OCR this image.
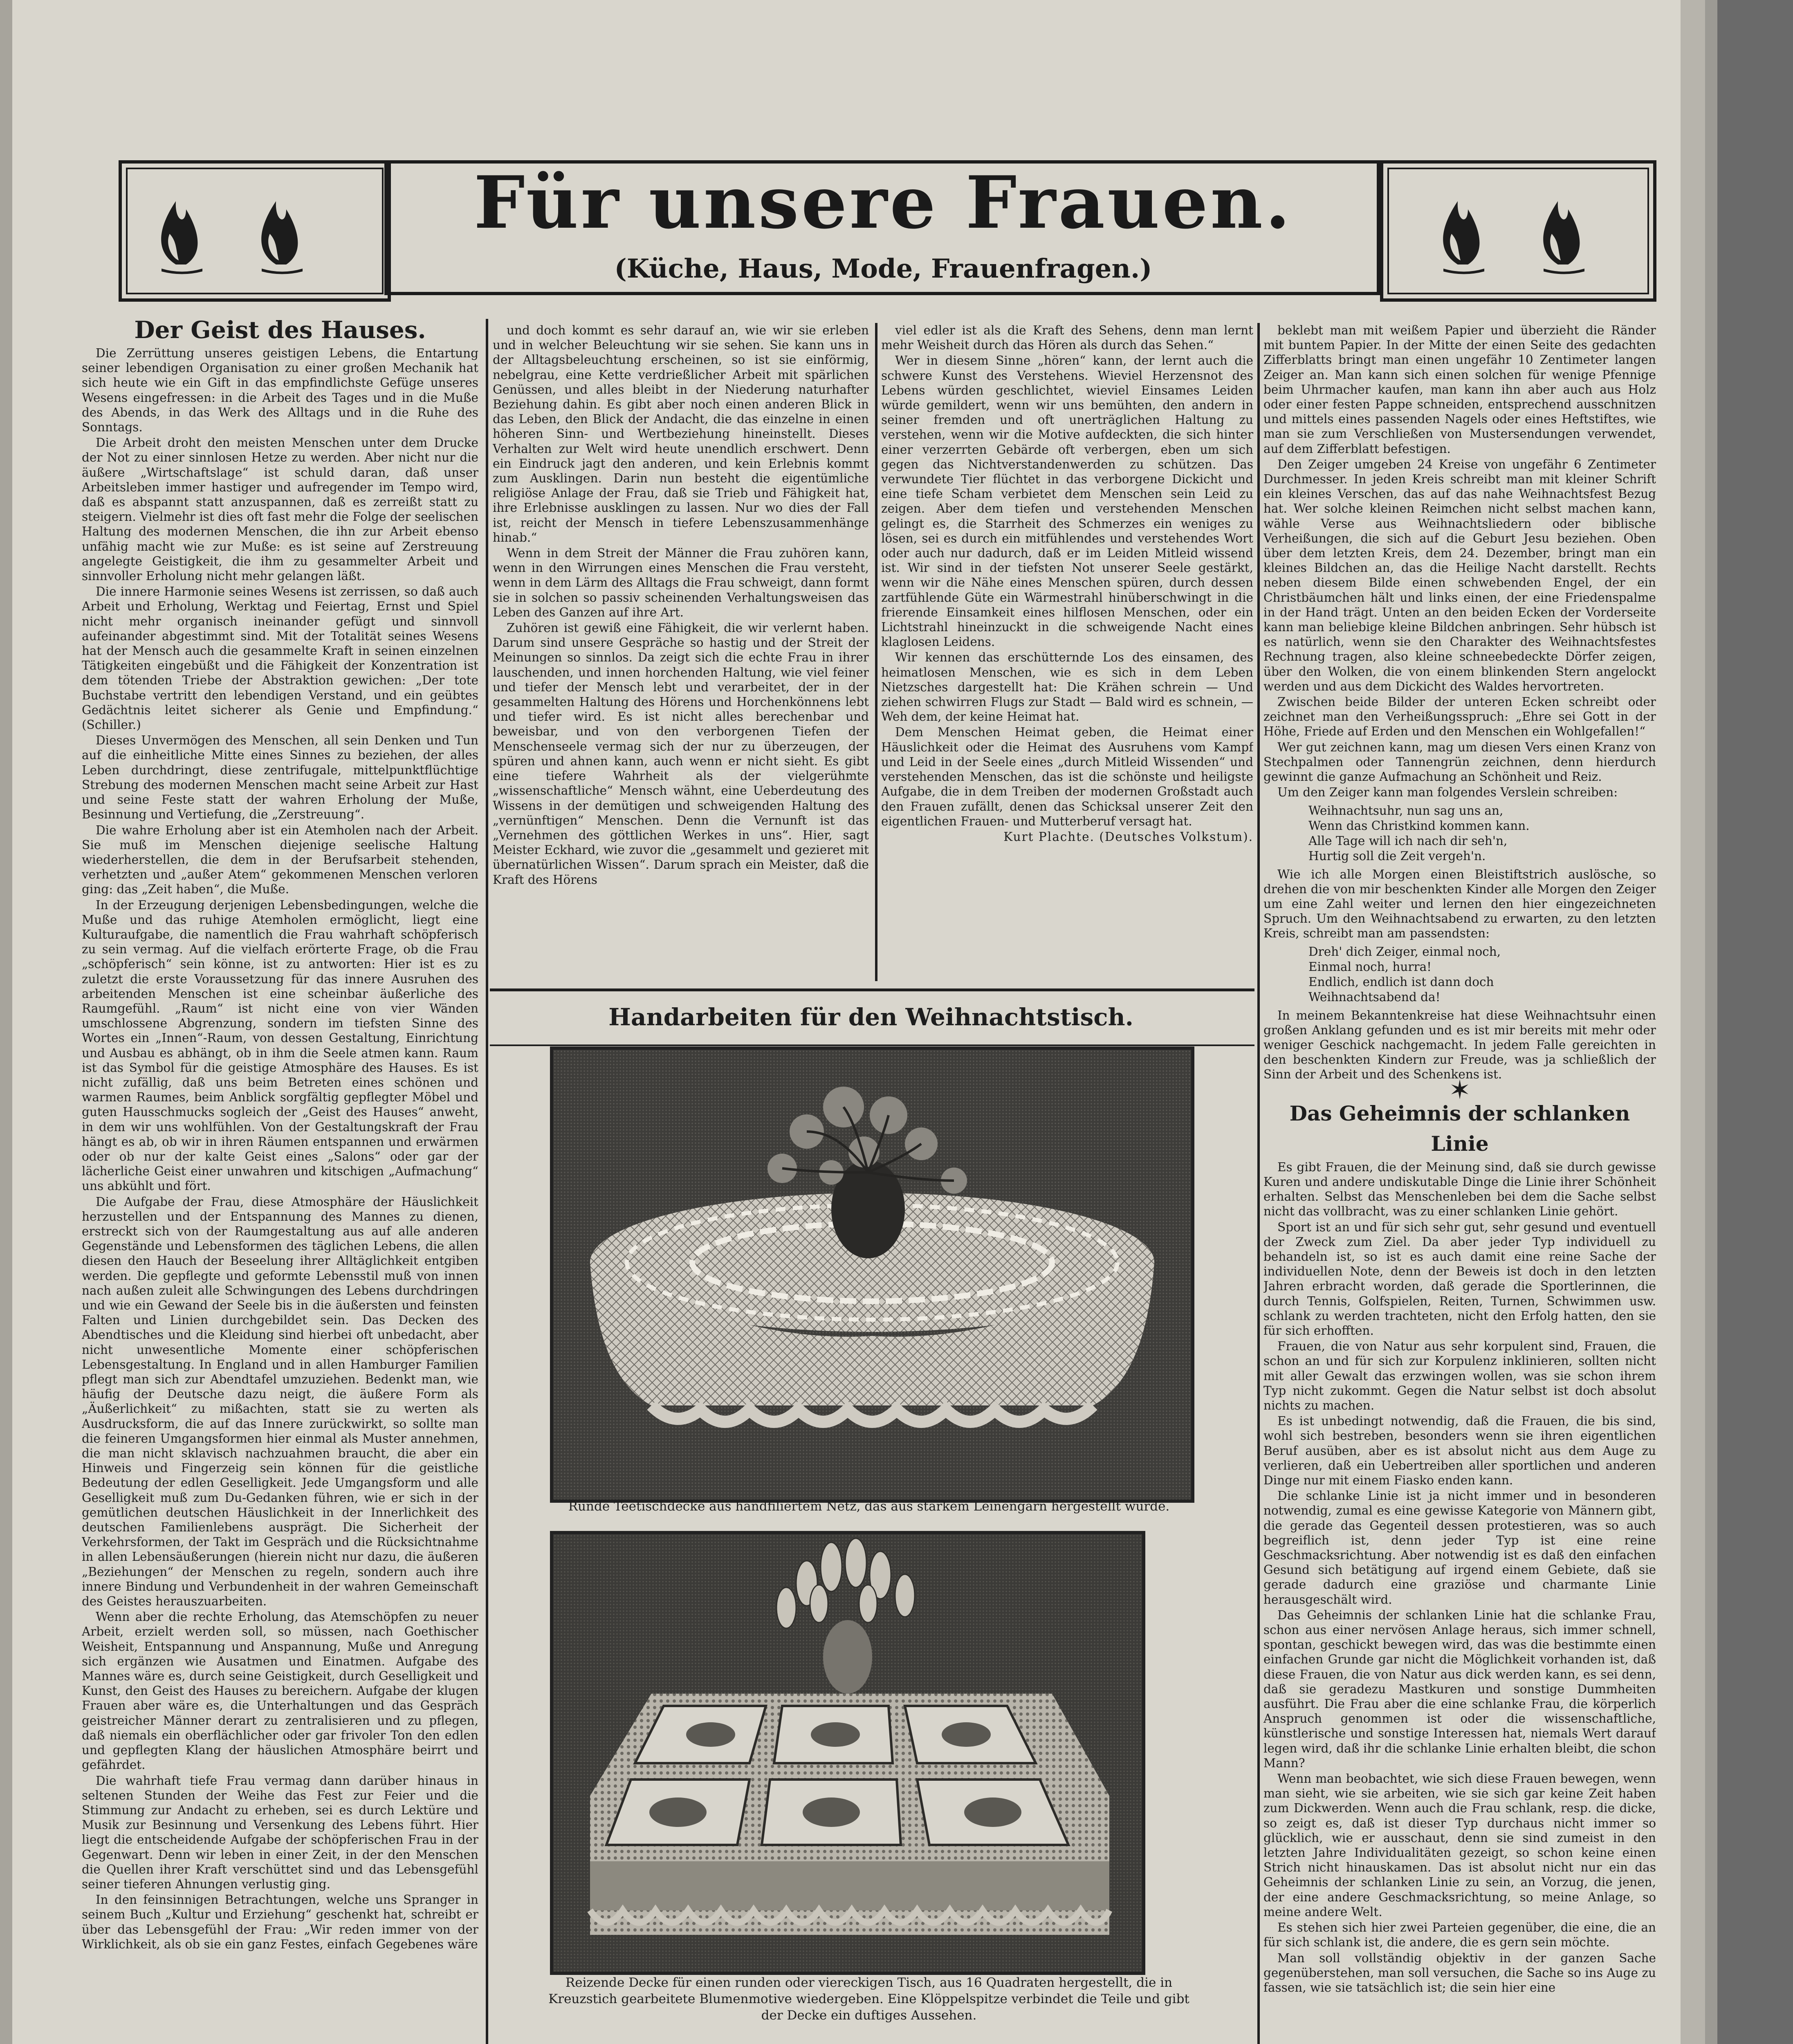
Für unsere Frauen.
(Küche, Haus, Mode, Frauenfragen.)

Der Geist des Hauses.

Die Zerrüttung unseres geistigen Lebens, die Entartung seiner lebendigen Organisation zu einer großen Mechanik hat sich heute wie ein Gift in das empfindlichste Gefüge unseres Wesens eingefressen: in die Arbeit des Tages und in die Muße des Abends, in das Werk des Alltags und in die Ruhe des Sonntags.

Die Arbeit droht den meisten Menschen unter dem Drucke der Not zu einer sinnlosen Hetze zu werden. Aber nicht nur die äußere „Wirtschaftslage“ ist schuld daran, daß unser Arbeitsleben immer hastiger und aufregender im Tempo wird, daß es abspannt statt anzuspannen, daß es zerreißt statt zu steigern. Vielmehr ist dies oft fast mehr die Folge der seelischen Haltung des modernen Menschen, die ihn zur Arbeit ebenso unfähig macht wie zur Muße: es ist seine auf Zerstreuung angelegte Geistigkeit, die ihm zu gesammelter Arbeit und sinnvoller Erholung nicht mehr gelangen läßt.

Die innere Harmonie seines Wesens ist zerrissen, so daß auch Arbeit und Erholung, Werktag und Feiertag, Ernst und Spiel nicht mehr organisch ineinander gefügt und sinnvoll aufeinander abgestimmt sind. Mit der Totalität seines Wesens hat der Mensch auch die gesammelte Kraft in seinen einzelnen Tätigkeiten eingebüßt und die Fähigkeit der Konzentration ist dem tötenden Triebe der Abstraktion gewichen: „Der tote Buchstabe vertritt den lebendigen Verstand, und ein geübtes Gedächtnis leitet sicherer als Genie und Empfindung.“ (Schiller.)

Dieses Unvermögen des Menschen, all sein Denken und Tun auf die einheitliche Mitte eines Sinnes zu beziehen, der alles Leben durchdringt, diese zentrifugale, mittelpunktflüchtige Strebung des modernen Menschen macht seine Arbeit zur Hast und seine Feste statt der wahren Erholung der Muße, Besinnung und Vertiefung, die „Zerstreuung“.

Die wahre Erholung aber ist ein Atemholen nach der Arbeit. Sie muß im Menschen diejenige seelische Haltung wiederherstellen, die dem in der Berufsarbeit stehenden, verhetzten und „außer Atem“ gekommenen Menschen verloren ging: das „Zeit haben“, die Muße.

In der Erzeugung derjenigen Lebensbedingungen, welche die Muße und das ruhige Atemholen ermöglicht, liegt eine Kulturaufgabe, die namentlich die Frau wahrhaft schöpferisch zu sein vermag. Auf die vielfach erörterte Frage, ob die Frau „schöpferisch“ sein könne, ist zu antworten: Hier ist es zu zuletzt die erste Voraussetzung für das innere Ausruhen des arbeitenden Menschen ist eine scheinbar äußerliche des Raumgefühl. „Raum“ ist nicht eine von vier Wänden umschlossene Abgrenzung, sondern im tiefsten Sinne des Wortes ein „Innen“-Raum, von dessen Gestaltung, Einrichtung und Ausbau es abhängt, ob in ihm die Seele atmen kann. Raum ist das Symbol für die geistige Atmosphäre des Hauses. Es ist nicht zufällig, daß uns beim Betreten eines schönen und warmen Raumes, beim Anblick sorgfältig gepflegter Möbel und guten Hausschmucks sogleich der „Geist des Hauses“ anweht, in dem wir uns wohlfühlen. Von der Gestaltungskraft der Frau hängt es ab, ob wir in ihren Räumen entspannen und erwärmen oder ob nur der kalte Geist eines „Salons“ oder gar der lächerliche Geist einer unwahren und kitschigen „Aufmachung“ uns abkühlt und fört.

Die Aufgabe der Frau, diese Atmosphäre der Häuslichkeit herzustellen und der Entspannung des Mannes zu dienen, erstreckt sich von der Raumgestaltung aus auf alle anderen Gegenstände und Lebensformen des täglichen Lebens, die allen diesen den Hauch der Beseelung ihrer Alltäglichkeit entgiben werden. Die gepflegte und geformte Lebensstil muß von innen nach außen zuleit alle Schwingungen des Lebens durchdringen und wie ein Gewand der Seele bis in die äußersten und feinsten Falten und Linien durchgebildet sein. Das Decken des Abendtisches und die Kleidung sind hierbei oft unbedacht, aber nicht unwesentliche Momente einer schöpferischen Lebensgestaltung. In England und in allen Hamburger Familien pflegt man sich zur Abendtafel umzuziehen. Bedenkt man, wie häufig der Deutsche dazu neigt, die äußere Form als „Äußerlichkeit“ zu mißachten, statt sie zu werten als Ausdrucksform, die auf das Innere zurückwirkt, so sollte man die feineren Umgangsformen hier einmal als Muster annehmen, die man nicht sklavisch nachzuahmen braucht, die aber ein Hinweis und Fingerzeig sein können für die geistliche Bedeutung der edlen Geselligkeit. Jede Umgangsform und alle Geselligkeit muß zum Du-Gedanken führen, wie er sich in der gemütlichen deutschen Häuslichkeit in der Innerlichkeit des deutschen Familienlebens ausprägt. Die Sicherheit der Verkehrsformen, der Takt im Gespräch und die Rücksichtnahme in allen Lebensäußerungen (hierein nicht nur dazu, die äußeren „Beziehungen“ der Menschen zu regeln, sondern auch ihre innere Bindung und Verbundenheit in der wahren Gemeinschaft des Geistes herauszuarbeiten.

Wenn aber die rechte Erholung, das Atemschöpfen zu neuer Arbeit, erzielt werden soll, so müssen, nach Goethischer Weisheit, Entspannung und Anspannung, Muße und Anregung sich ergänzen wie Ausatmen und Einatmen. Aufgabe des Mannes wäre es, durch seine Geistigkeit, durch Geselligkeit und Kunst, den Geist des Hauses zu bereichern. Aufgabe der klugen Frauen aber wäre es, die Unterhaltungen und das Gespräch geistreicher Männer derart zu zentralisieren und zu pflegen, daß niemals ein oberflächlicher oder gar frivoler Ton den edlen und gepflegten Klang der häuslichen Atmosphäre beirrt und gefährdet.

Die wahrhaft tiefe Frau vermag dann darüber hinaus in seltenen Stunden der Weihe das Fest zur Feier und die Stimmung zur Andacht zu erheben, sei es durch Lektüre und Musik zur Besinnung und Versenkung des Lebens führt. Hier liegt die entscheidende Aufgabe der schöpferischen Frau in der Gegenwart. Denn wir leben in einer Zeit, in der den Menschen die Quellen ihrer Kraft verschüttet sind und das Lebensgefühl seiner tieferen Ahnungen verlustig ging.

In den feinsinnigen Betrachtungen, welche uns Spranger in seinem Buch „Kultur und Erziehung“ geschenkt hat, schreibt er über das Lebensgefühl der Frau: „Wir reden immer von der Wirklichkeit, als ob sie ein ganz Festes, einfach Gegebenes wäre

und doch kommt es sehr darauf an, wie wir sie erleben und in welcher Beleuchtung wir sie sehen. Sie kann uns in der Alltagsbeleuchtung erscheinen, so ist sie einförmig, nebelgrau, eine Kette verdrießlicher Arbeit mit spärlichen Genüssen, und alles bleibt in der Niederung naturhafter Beziehung dahin. Es gibt aber noch einen anderen Blick in das Leben, den Blick der Andacht, die das einzelne in einen höheren Sinn- und Wertbeziehung hineinstellt. Dieses Verhalten zur Welt wird heute unendlich erschwert. Denn ein Eindruck jagt den anderen, und kein Erlebnis kommt zum Ausklingen. Darin nun besteht die eigentümliche religiöse Anlage der Frau, daß sie Trieb und Fähigkeit hat, ihre Erlebnisse ausklingen zu lassen. Nur wo dies der Fall ist, reicht der Mensch in tiefere Lebenszusammenhänge hinab.“

Wenn in dem Streit der Männer die Frau zuhören kann, wenn in den Wirrungen eines Menschen die Frau versteht, wenn in dem Lärm des Alltags die Frau schweigt, dann formt sie in solchen so passiv scheinenden Verhaltungsweisen das Leben des Ganzen auf ihre Art.

Zuhören ist gewiß eine Fähigkeit, die wir verlernt haben. Darum sind unsere Gespräche so hastig und der Streit der Meinungen so sinnlos. Da zeigt sich die echte Frau in ihrer lauschenden, und innen horchenden Haltung, wie viel feiner und tiefer der Mensch lebt und verarbeitet, der in der gesammelten Haltung des Hörens und Horchenkönnens lebt und tiefer wird. Es ist nicht alles berechenbar und beweisbar, und von den verborgenen Tiefen der Menschenseele vermag sich der nur zu überzeugen, der spüren und ahnen kann, auch wenn er nicht sieht. Es gibt eine tiefere Wahrheit als der vielgerühmte „wissenschaftliche“ Mensch wähnt, eine Ueberdeutung des Wissens in der demütigen und schweigenden Haltung des „vernünftigen“ Menschen. Denn die Vernunft ist das „Vernehmen des göttlichen Werkes in uns“. Hier, sagt Meister Eckhard, wie zuvor die „gesammelt und gezieret mit übernatürlichen Wissen“. Darum sprach ein Meister, daß die Kraft des Hörens

viel edler ist als die Kraft des Sehens, denn man lernt mehr Weisheit durch das Hören als durch das Sehen.“

Wer in diesem Sinne „hören“ kann, der lernt auch die schwere Kunst des Verstehens. Wieviel Herzensnot des Lebens würden geschlichtet, wieviel Einsames Leiden würde gemildert, wenn wir uns bemühten, den andern in seiner fremden und oft unerträglichen Haltung zu verstehen, wenn wir die Motive aufdeckten, die sich hinter einer verzerrten Gebärde oft verbergen, eben um sich gegen das Nichtverstandenwerden zu schützen. Das verwundete Tier flüchtet in das verborgene Dickicht und eine tiefe Scham verbietet dem Menschen sein Leid zu zeigen. Aber dem tiefen und verstehenden Menschen gelingt es, die Starrheit des Schmerzes ein weniges zu lösen, sei es durch ein mitfühlendes und verstehendes Wort oder auch nur dadurch, daß er im Leiden Mitleid wissend ist. Wir sind in der tiefsten Not unserer Seele gestärkt, wenn wir die Nähe eines Menschen spüren, durch dessen zartfühlende Güte ein Wärmestrahl hinüberschwingt in die frierende Einsamkeit eines hilflosen Menschen, oder ein Lichtstrahl hineinzuckt in die schweigende Nacht eines klaglosen Leidens.

Wir kennen das erschütternde Los des einsamen, des heimatlosen Menschen, wie es sich in dem Leben Nietzsches dargestellt hat: Die Krähen schrein — Und ziehen schwirren Flugs zur Stadt — Bald wird es schnein, — Weh dem, der keine Heimat hat.

Dem Menschen Heimat geben, die Heimat einer Häuslichkeit oder die Heimat des Ausruhens vom Kampf und Leid in der Seele eines „durch Mitleid Wissenden“ und verstehenden Menschen, das ist die schönste und heiligste Aufgabe, die in dem Treiben der modernen Großstadt auch den Frauen zufällt, denen das Schicksal unserer Zeit den eigentlichen Frauen- und Mutterberuf versagt hat.

Kurt Plachte. (Deutsches Volkstum).

Handarbeiten für den Weihnachtstisch.
Runde Teetischdecke aus handfiliertem Netz, das aus starkem Leinengarn hergestellt wurde.
Reizende Decke für einen runden oder viereckigen Tisch, aus 16 Quadraten hergestellt, die in Kreuzstich gearbeitete Blumenmotive wiedergeben. Eine Klöppelspitze verbindet die Teile und gibt der Decke ein duftiges Aussehen.

beklebt man mit weißem Papier und überzieht die Ränder mit buntem Papier. In der Mitte der einen Seite des gedachten Zifferblatts bringt man einen ungefähr 10 Zentimeter langen Zeiger an. Man kann sich einen solchen für wenige Pfennige beim Uhrmacher kaufen, man kann ihn aber auch aus Holz oder einer festen Pappe schneiden, entsprechend ausschnitzen und mittels eines passenden Nagels oder eines Heftstiftes, wie man sie zum Verschließen von Mustersendungen verwendet, auf dem Zifferblatt befestigen.

Den Zeiger umgeben 24 Kreise von ungefähr 6 Zentimeter Durchmesser. In jeden Kreis schreibt man mit kleiner Schrift ein kleines Verschen, das auf das nahe Weihnachtsfest Bezug hat. Wer solche kleinen Reimchen nicht selbst machen kann, wähle Verse aus Weihnachtsliedern oder biblische Verheißungen, die sich auf die Geburt Jesu beziehen. Oben über dem letzten Kreis, dem 24. Dezember, bringt man ein kleines Bildchen an, das die Heilige Nacht darstellt. Rechts neben diesem Bilde einen schwebenden Engel, der ein Christbäumchen hält und links einen, der eine Friedenspalme in der Hand trägt. Unten an den beiden Ecken der Vorderseite kann man beliebige kleine Bildchen anbringen. Sehr hübsch ist es natürlich, wenn sie den Charakter des Weihnachtsfestes Rechnung tragen, also kleine schneebedeckte Dörfer zeigen, über den Wolken, die von einem blinkenden Stern angelockt werden und aus dem Dickicht des Waldes hervortreten.

Zwischen beide Bilder der unteren Ecken schreibt oder zeichnet man den Verheißungsspruch: „Ehre sei Gott in der Höhe, Friede auf Erden und den Menschen ein Wohlgefallen!“

Wer gut zeichnen kann, mag um diesen Vers einen Kranz von Stechpalmen oder Tannengrün zeichnen, denn hierdurch gewinnt die ganze Aufmachung an Schönheit und Reiz.

Um den Zeiger kann man folgendes Verslein schreiben:

Weihnachtsuhr, nun sag uns an,
Wenn das Christkind kommen kann.
Alle Tage will ich nach dir seh'n,
Hurtig soll die Zeit vergeh'n.

Wie ich alle Morgen einen Bleistiftstrich auslösche, so drehen die von mir beschenkten Kinder alle Morgen den Zeiger um eine Zahl weiter und lernen den hier eingezeichneten Spruch. Um den Weihnachtsabend zu erwarten, zu den letzten Kreis, schreibt man am passendsten:

Dreh' dich Zeiger, einmal noch,
Einmal noch, hurra!
Endlich, endlich ist dann doch
Weihnachtsabend da!

In meinem Bekanntenkreise hat diese Weihnachtsuhr einen großen Anklang gefunden und es ist mir bereits mit mehr oder weniger Geschick nachgemacht. In jedem Falle gereichten in den beschenkten Kindern zur Freude, was ja schließlich der Sinn der Arbeit und des Schenkens ist.

✶

Das Geheimnis der schlanken Linie

Es gibt Frauen, die der Meinung sind, daß sie durch gewisse Kuren und andere undiskutable Dinge die Linie ihrer Schönheit erhalten. Selbst das Menschenleben bei dem die Sache selbst nicht das vollbracht, was zu einer schlanken Linie gehört.

Sport ist an und für sich sehr gut, sehr gesund und eventuell der Zweck zum Ziel. Da aber jeder Typ individuell zu behandeln ist, so ist es auch damit eine reine Sache der individuellen Note, denn der Beweis ist doch in den letzten Jahren erbracht worden, daß gerade die Sportlerinnen, die durch Tennis, Golfspielen, Reiten, Turnen, Schwimmen usw. schlank zu werden trachteten, nicht den Erfolg hatten, den sie für sich erhofften.

Frauen, die von Natur aus sehr korpulent sind, Frauen, die schon an und für sich zur Korpulenz inklinieren, sollten nicht mit aller Gewalt das erzwingen wollen, was sie schon ihrem Typ nicht zukommt. Gegen die Natur selbst ist doch absolut nichts zu machen.

Es ist unbedingt notwendig, daß die Frauen, die bis sind, wohl sich bestreben, besonders wenn sie ihren eigentlichen Beruf ausüben, aber es ist absolut nicht aus dem Auge zu verlieren, daß ein Uebertreiben aller sportlichen und anderen Dinge nur mit einem Fiasko enden kann.

Die schlanke Linie ist ja nicht immer und in besonderen notwendig, zumal es eine gewisse Kategorie von Männern gibt, die gerade das Gegenteil dessen protestieren, was so auch begreiflich ist, denn jeder Typ ist eine reine Geschmacksrichtung. Aber notwendig ist es daß den einfachen Gesund sich betätigung auf irgend einem Gebiete, daß sie gerade dadurch eine graziöse und charmante Linie herausgeschält wird.

Das Geheimnis der schlanken Linie hat die schlanke Frau, schon aus einer nervösen Anlage heraus, sich immer schnell, spontan, geschickt bewegen wird, das was die bestimmte einen einfachen Grunde gar nicht die Möglichkeit vorhanden ist, daß diese Frauen, die von Natur aus dick werden kann, es sei denn, daß sie geradezu Mastkuren und sonstige Dummheiten ausführt. Die Frau aber die eine schlanke Frau, die körperlich Anspruch genommen ist oder die wissenschaftliche, künstlerische und sonstige Interessen hat, niemals Wert darauf legen wird, daß ihr die schlanke Linie erhalten bleibt, die schon Mann?

Wenn man beobachtet, wie sich diese Frauen bewegen, wenn man sieht, wie sie arbeiten, wie sie sich gar keine Zeit haben zum Dickwerden. Wenn auch die Frau schlank, resp. die dicke, so zeigt es, daß ist dieser Typ durchaus nicht immer so glücklich, wie er ausschaut, denn sie sind zumeist in den letzten Jahre Individualitäten gezeigt, so schon keine einen Strich nicht hinauskamen. Das ist absolut nicht nur ein das Geheimnis der schlanken Linie zu sein, an Vorzug, die jenen, der eine andere Geschmacksrichtung, so meine Anlage, so meine andere Welt.

Es stehen sich hier zwei Parteien gegenüber, die eine, die an für sich schlank ist, die andere, die es gern sein möchte.

Man soll vollständig objektiv in der ganzen Sache gegenüberstehen, man soll versuchen, die Sache so ins Auge zu fassen, wie sie tatsächlich ist; die sein hier eine
